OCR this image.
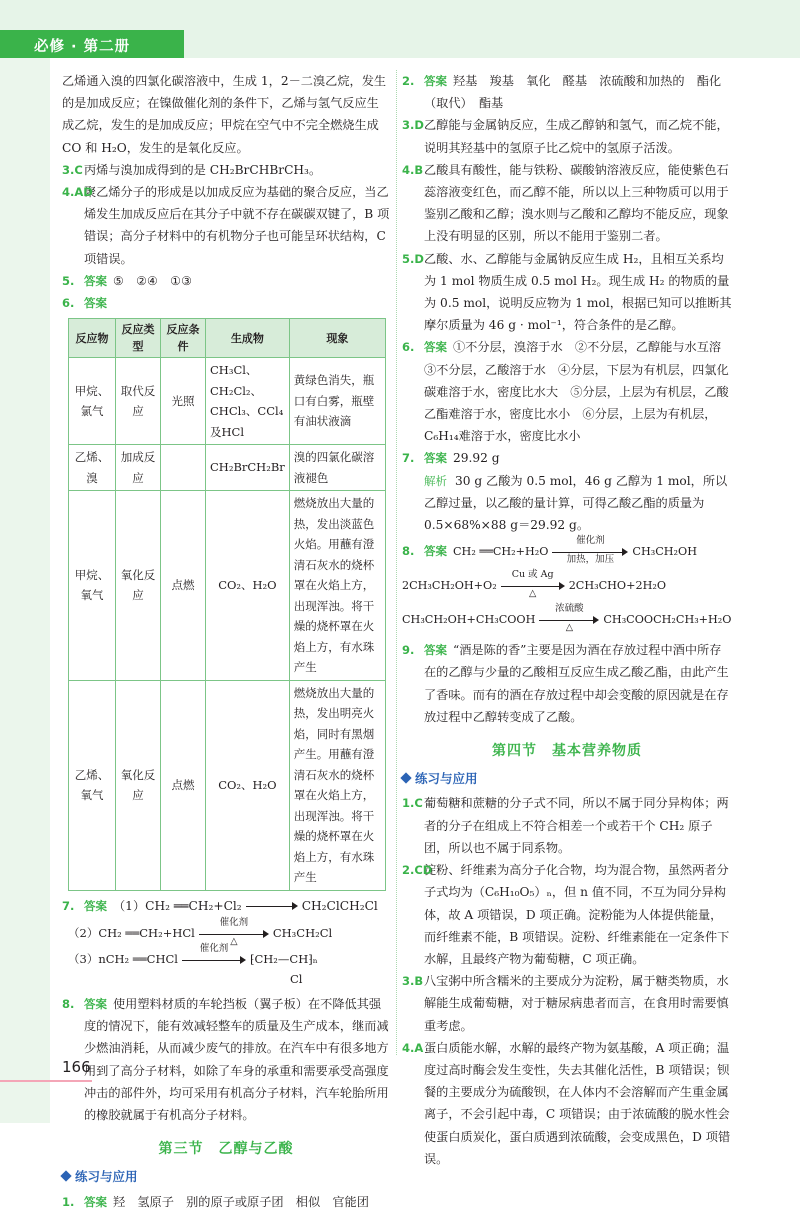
必修 · 第二册

乙烯通入溴的四氯化碳溶液中，生成 1，2－二溴乙烷，发生的是加成反应；在镍做催化剂的条件下，乙烯与氢气反应生成乙烷，发生的是加成反应；甲烷在空气中不完全燃烧生成 CO 和 H₂O，发生的是氧化反应。

3.C 丙烯与溴加成得到的是 CH₂BrCHBrCH₃。

4.AD
聚乙烯分子的形成是以加成反应为基础的聚合反应，当乙烯发生加成反应后在其分子中就不存在碳碳双键了，B 项错误；高分子材料中的有机物分子也可能呈环状结构，C 项错误。

5. 答案 ⑤　②④　①③

6. 答案

反应物	反应类型	反应条件	生成物	现象
甲烷、氯气	取代反应	光照	CH₃Cl、CH₂Cl₂、CHCl₃、CCl₄及HCl	黄绿色消失，瓶口有白雾，瓶壁有油状液滴
乙烯、溴	加成反应		CH₂BrCH₂Br	溴的四氯化碳溶液褪色
甲烷、氧气	氧化反应	点燃	CO₂、H₂O	燃烧放出大量的热，发出淡蓝色火焰。用蘸有澄清石灰水的烧杯罩在火焰上方，出现浑浊。将干燥的烧杯罩在火焰上方，有水珠产生
乙烯、氧气	氧化反应	点燃	CO₂、H₂O	燃烧放出大量的热，发出明亮火焰，同时有黑烟产生。用蘸有澄清石灰水的烧杯罩在火焰上方，出现浑浊。将干燥的烧杯罩在火焰上方，有水珠产生

7. 答案 （1）CH₂ ══CH₂+Cl₂	CH₂ClCH₂Cl

（2）CH₂ ══CH₂+HCl
催化剂
△
CH₃CH₂Cl
（3）nCH₂ ══CHCl
催化剂
⁅CH₂—CH⁆ₙ
Cl

8. 答案 使用塑料材质的车轮挡板（翼子板）在不降低其强度的情况下，能有效减轻整车的质量及生产成本，继而减少燃油消耗，从而减少废气的排放。在汽车中有很多地方用到了高分子材料，如除了车身的承重和需要承受高强度冲击的部件外，均可采用有机高分子材料，汽车轮胎所用的橡胶就属于有机高分子材料。

第三节　乙醇与乙酸
练习与应用

1. 答案 羟　氢原子　别的原子或原子团　相似　官能团

2. 答案 羟基　羧基　氧化　醛基　浓硫酸和加热的　酯化（取代）　酯基

3.D 乙醇能与金属钠反应，生成乙醇钠和氢气，而乙烷不能，说明其羟基中的氢原子比乙烷中的氢原子活泼。

4.B 乙酸具有酸性，能与铁粉、碳酸钠溶液反应，能使紫色石蕊溶液变红色，而乙醇不能，所以以上三种物质可以用于鉴别乙酸和乙醇；溴水则与乙酸和乙醇均不能反应，现象上没有明显的区别，所以不能用于鉴别二者。

5.D 乙酸、水、乙醇能与金属钠反应生成 H₂，且相互关系均为 1 mol 物质生成 0.5 mol H₂。现生成 H₂ 的物质的量为 0.5 mol，说明反应物为 1 mol，根据已知可以推断其摩尔质量为 46 g · mol⁻¹，符合条件的是乙醇。

6. 答案 ①不分层，溴溶于水　②不分层，乙醇能与水互溶　③不分层，乙酸溶于水　④分层，下层为有机层，四氯化碳难溶于水，密度比水大　⑤分层，上层为有机层，乙酸乙酯难溶于水，密度比水小　⑥分层，上层为有机层，C₆H₁₄难溶于水，密度比水小

7. 答案 29.92 g

解析 30 g 乙酸为 0.5 mol，46 g 乙醇为 1 mol，所以乙醇过量，以乙酸的量计算，可得乙酸乙酯的质量为 0.5×68%×88 g＝29.92 g。

8. 答案 CH₂ ══CH₂+H₂O
催化剂
加热，加压
CH₃CH₂OH

2CH₃CH₂OH+O₂
Cu 或 Ag
△
2CH₃CHO+2H₂O
CH₃CH₂OH+CH₃COOH
浓硫酸
△
CH₃COOCH₂CH₃+H₂O

9. 答案 “酒是陈的香”主要是因为酒在存放过程中酒中所存在的乙醇与少量的乙酸相互反应生成乙酸乙酯，由此产生了香味。而有的酒在存放过程中却会变酸的原因就是在存放过程中乙醇转变成了乙酸。

第四节　基本营养物质
练习与应用

1.C 葡萄糖和蔗糖的分子式不同，所以不属于同分异构体；两者的分子在组成上不符合相差一个或若干个 CH₂ 原子团，所以也不属于同系物。

2.CD
淀粉、纤维素为高分子化合物，均为混合物，虽然两者分子式均为（C₆H₁₀O₅）ₙ，但 n 值不同，不互为同分异构体，故 A 项错误，D 项正确。淀粉能为人体提供能量，而纤维素不能，B 项错误。淀粉、纤维素能在一定条件下水解，且最终产物为葡萄糖，C 项正确。

3.B 八宝粥中所含糯米的主要成分为淀粉，属于糖类物质，水解能生成葡萄糖，对于糖尿病患者而言，在食用时需要慎重考虑。

4.A 蛋白质能水解，水解的最终产物为氨基酸，A 项正确；温度过高时酶会发生变性，失去其催化活性，B 项错误；钡餐的主要成分为硫酸钡，在人体内不会溶解而产生重金属离子，不会引起中毒，C 项错误；由于浓硫酸的脱水性会使蛋白质炭化，蛋白质遇到浓硫酸，会变成黑色，D 项错误。

166
